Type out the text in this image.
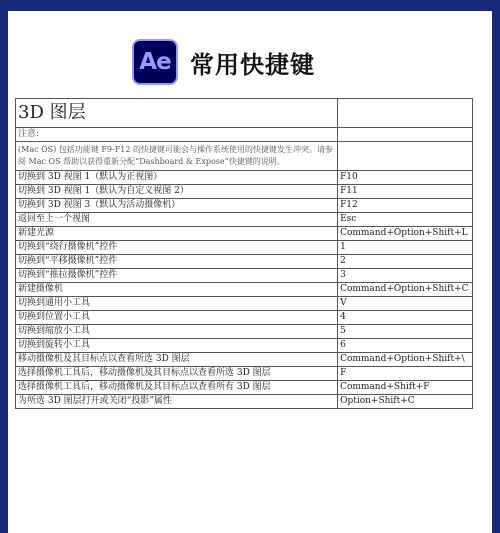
Ae 常用快捷键
3D 图层	
注意:	
(Mac OS) 包括功能键 F9-F12 的快捷键可能会与操作系统使用的快捷键发生冲突。请参阅 Mac OS 帮助以获得重新分配“Dashboard & Expose”快捷键的说明。	
切换到 3D 视图 1（默认为正视图）	F10
切换到 3D 视图 1（默认为自定义视图 2）	F11
切换到 3D 视图 3（默认为活动摄像机）	F12
返回至上一个视图	Esc
新建光源	Command+Option+Shift+L
切换到“绕行摄像机”控件	1
切换到“平移摄像机”控件	2
切换到“推拉摄像机”控件	3
新建摄像机	Command+Option+Shift+C
切换到通用小工具	V
切换到位置小工具	4
切换到缩放小工具	5
切换到旋转小工具	6
移动摄像机及其目标点以查看所选 3D 图层	Command+Option+Shift+\
选择摄像机工具后，移动摄像机及其目标点以查看所选 3D 图层	F
选择摄像机工具后，移动摄像机及其目标点以查看所有 3D 图层	Command+Shift+F
为所选 3D 图层打开或关闭“投影”属性	Option+Shift+C
